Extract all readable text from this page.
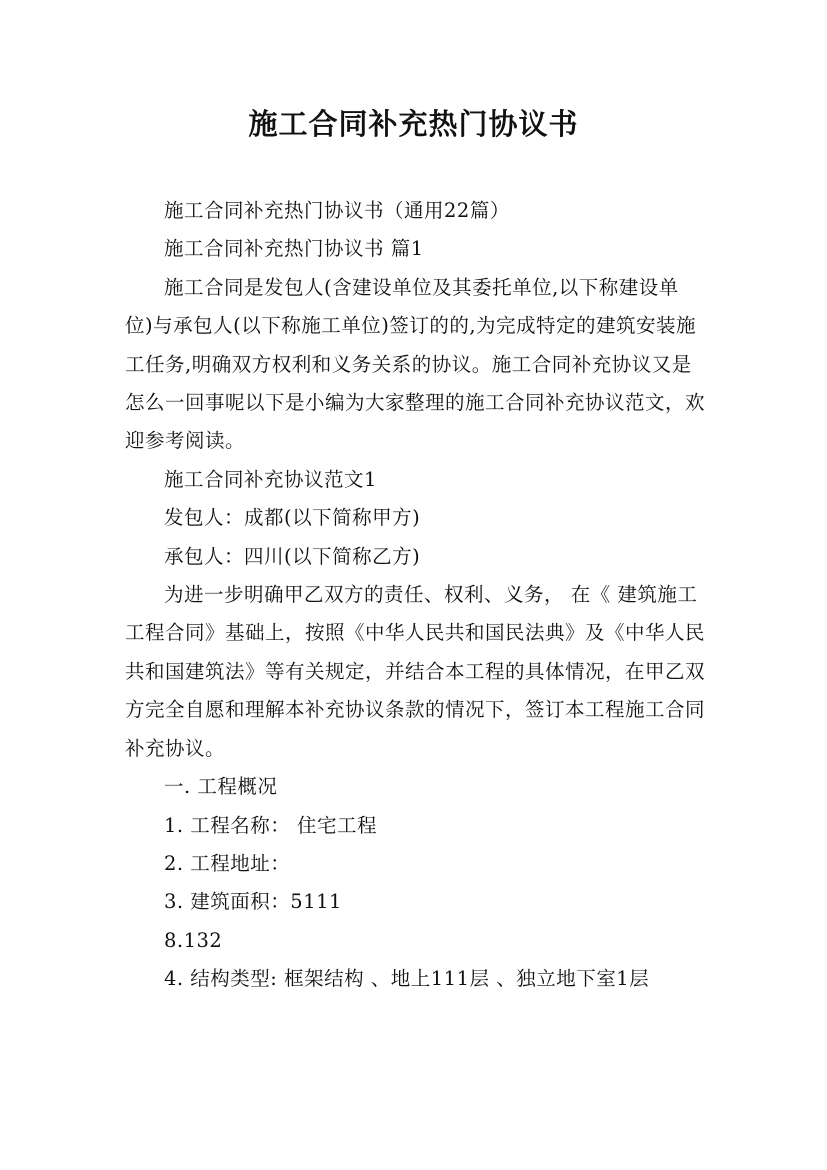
施工合同补充热门协议书

施工合同补充热门协议书（通用22篇）

施工合同补充热门协议书 篇1

施工合同是发包人(含建设单位及其委托单位,以下称建设单位)与承包人(以下称施工单位)签订的的,为完成特定的建筑安装施工任务,明确双方权利和义务关系的协议。施工合同补充协议又是怎么一回事呢以下是小编为大家整理的施工合同补充协议范文，欢迎参考阅读。

施工合同补充协议范文1

发包人：成都(以下简称甲方)

承包人：四川(以下简称乙方)

为进一步明确甲乙双方的责任、权利、义务， 在《 建筑施工工程合同》基础上，按照《中华人民共和国民法典》及《中华人民共和国建筑法》等有关规定，并结合本工程的具体情况，在甲乙双方完全自愿和理解本补充协议条款的情况下，签订本工程施工合同补充协议。

一. 工程概况

1. 工程名称： 住宅工程

2. 工程地址：

3. 建筑面积：5111

8.132

4. 结构类型: 框架结构 、地上111层 、独立地下室1层
